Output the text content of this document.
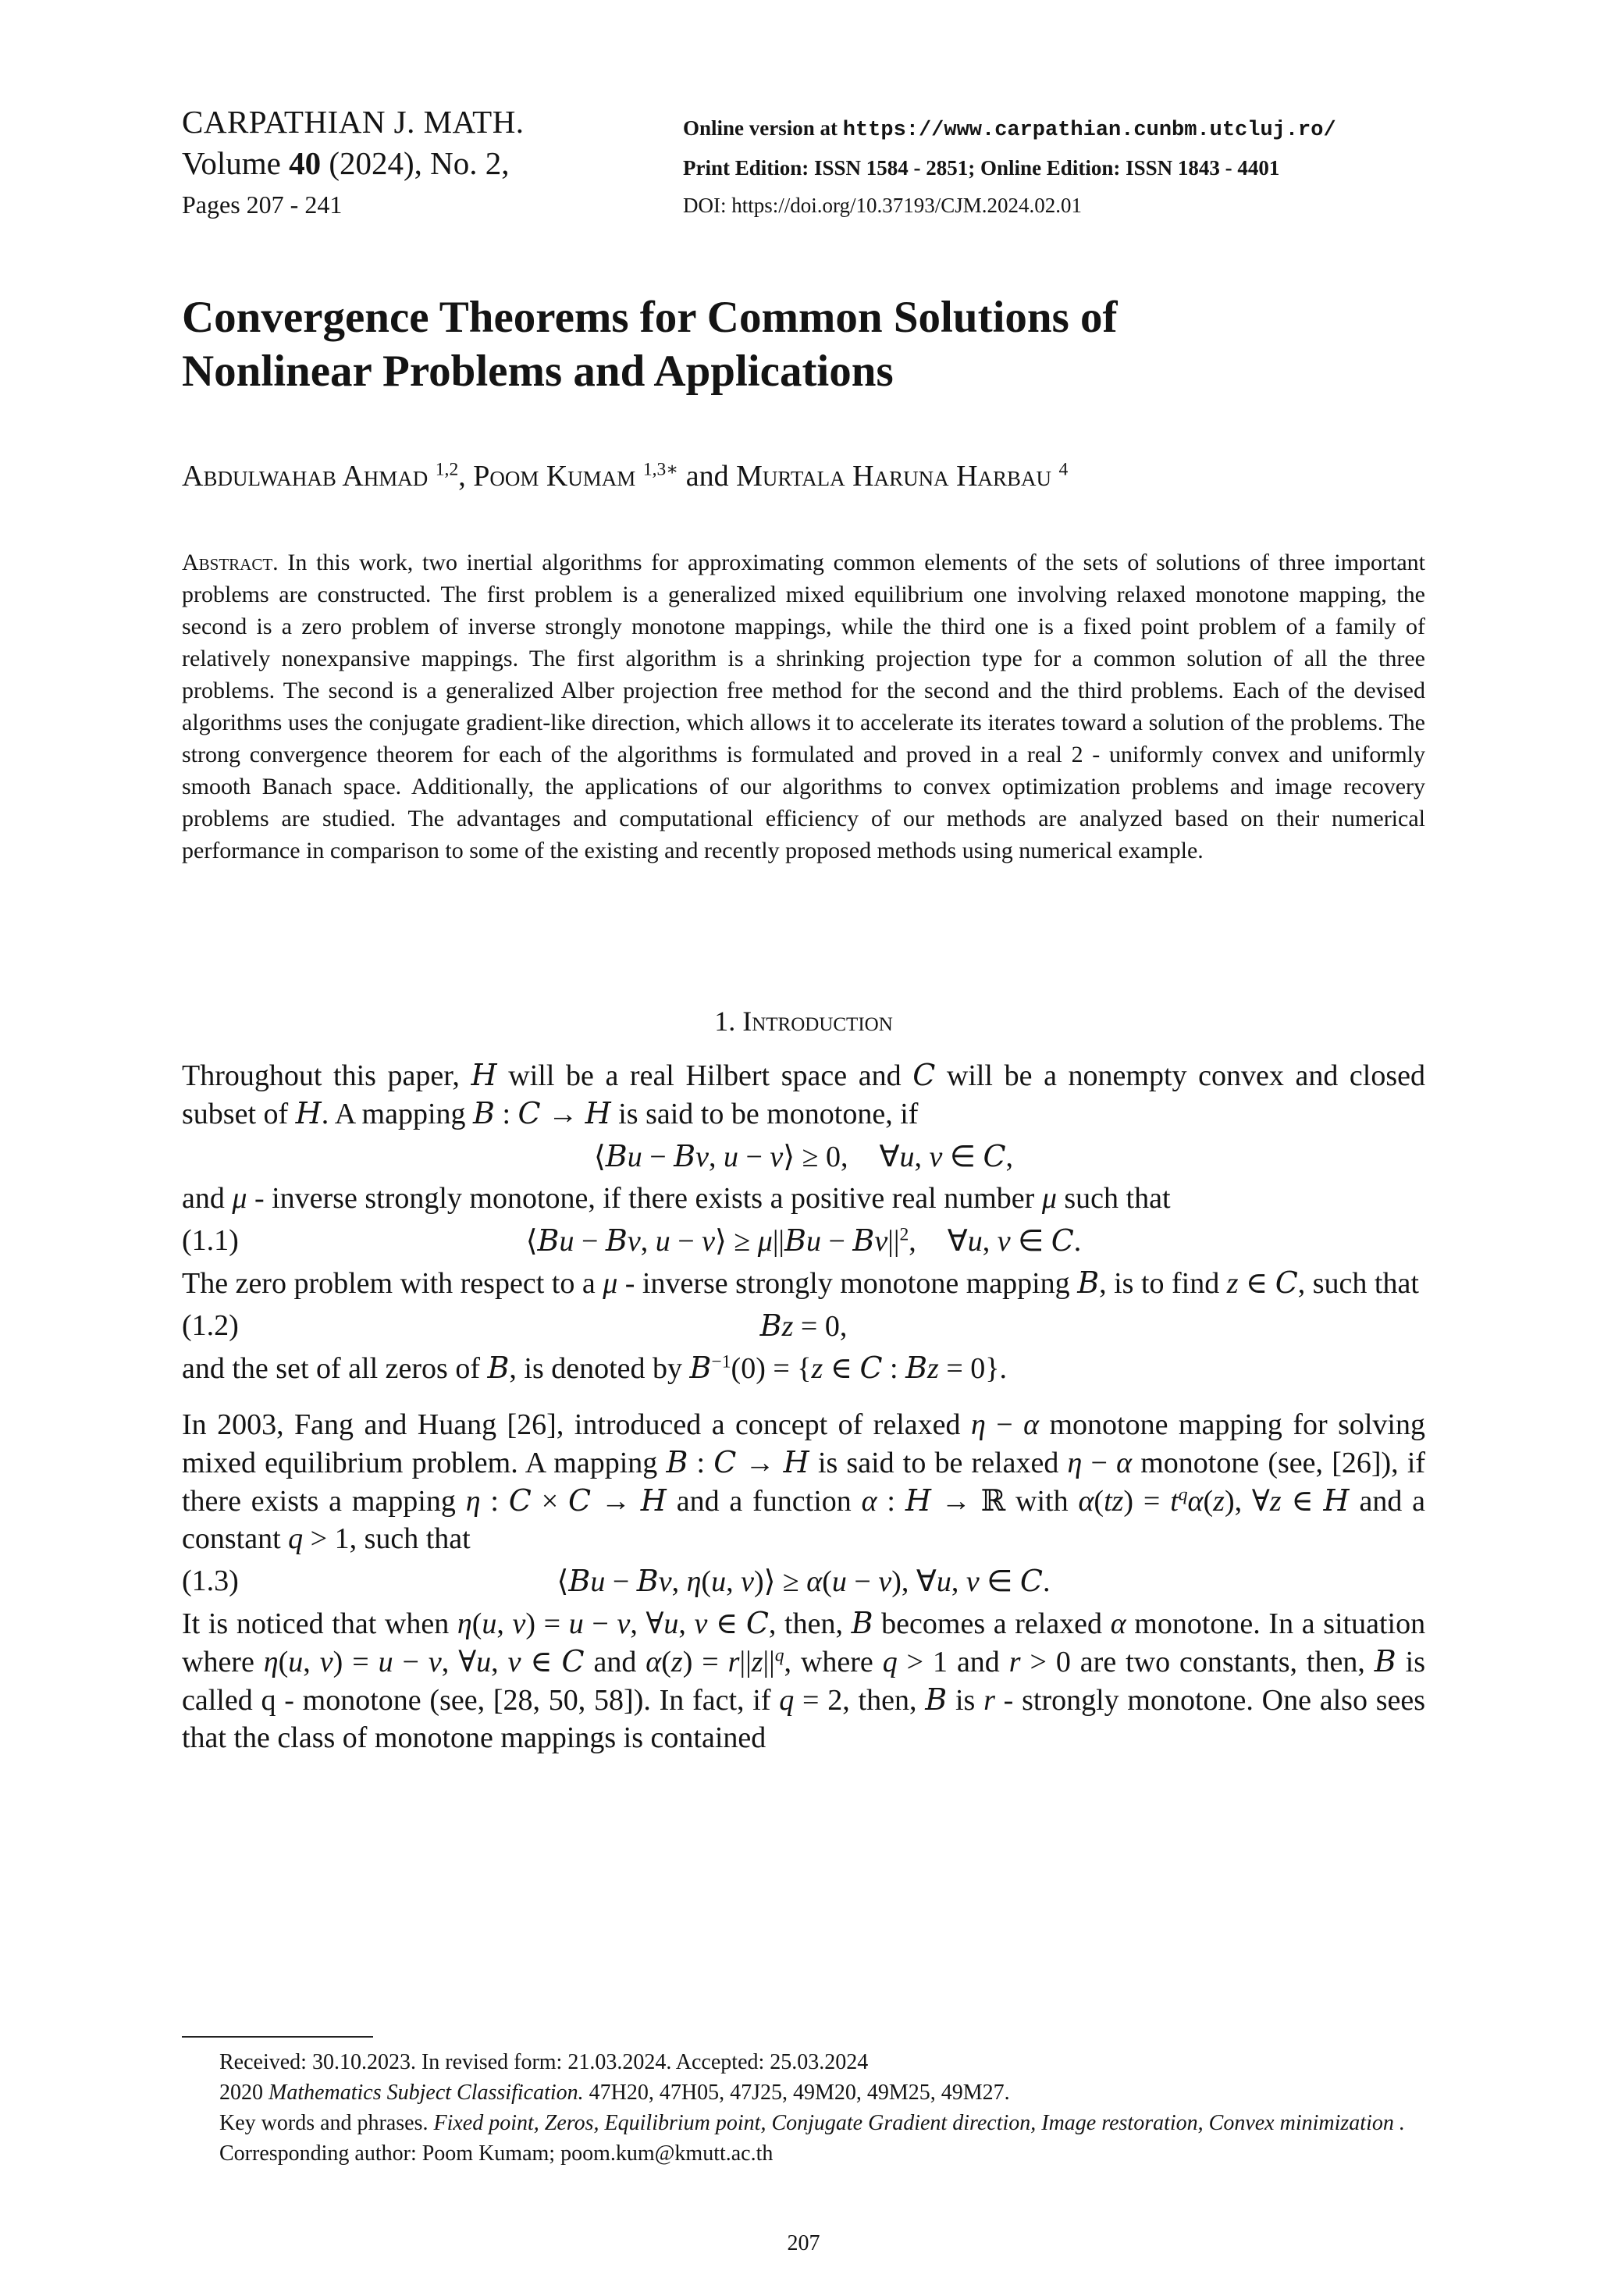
CARPATHIAN J. MATH.
Volume 40 (2024), No. 2,
Pages 207 - 241
Online version at https://www.carpathian.cunbm.utcluj.ro/
Print Edition: ISSN 1584 - 2851; Online Edition: ISSN 1843 - 4401
DOI: https://doi.org/10.37193/CJM.2024.02.01
Convergence Theorems for Common Solutions of
Nonlinear Problems and Applications
Abdulwahab Ahmad $^{1,2}$, Poom Kumam $^{1,3∗}$ and Murtala Haruna Harbau $^4$
Abstract. In this work, two inertial algorithms for approximating common elements of the sets of solutions of three important problems are constructed. The first problem is a generalized mixed equilibrium one involving relaxed monotone mapping, the second is a zero problem of inverse strongly monotone mappings, while the third one is a fixed point problem of a family of relatively nonexpansive mappings. The first algorithm is a shrinking projection type for a common solution of all the three problems. The second is a generalized Alber projection free method for the second and the third problems. Each of the devised algorithms uses the conjugate gradient-like direction, which allows it to accelerate its iterates toward a solution of the problems. The strong convergence theorem for each of the algorithms is formulated and proved in a real 2 - uniformly convex and uniformly smooth Banach space. Additionally, the applications of our algorithms to convex optimization problems and image recovery problems are studied. The advantages and computational efficiency of our methods are analyzed based on their numerical performance in comparison to some of the existing and recently proposed methods using numerical example.
1. Introduction

Throughout this paper, H will be a real Hilbert space and C will be a nonempty convex and closed subset of H. A mapping B : C → H is said to be monotone, if

⟨Bu − Bv, u − v⟩ ≥ 0, ∀u, v ∈ C,

and μ - inverse strongly monotone, if there exists a positive real number μ such that

(1.1)	⟨Bu − Bv, u − v⟩ ≥ $\mu||Bu - Bv||^2$, ∀u, v ∈ C.

The zero problem with respect to a μ - inverse strongly monotone mapping B, is to find z ∈ C, such that

(1.2)	Bz = 0,

and the set of all zeros of B, is denoted by $B^{-1}(0) = \{z$ ∈ C : Bz = 0}.

In 2003, Fang and Huang [26], introduced a concept of relaxed η − α monotone mapping for solving mixed equilibrium problem. A mapping B : C → H is said to be relaxed η − α monotone (see, [26]), if there exists a mapping η : C × C → H and a function α : H → ℝ with $\alpha(tz) = t^q\alpha(z)$, ∀z ∈ H and a constant q > 1, such that

(1.3)	⟨Bu − Bv, η(u, v)⟩ ≥ α(u − v), ∀u, v ∈ C.

It is noticed that when η(u, v) = u − v, ∀u, v ∈ C, then, B becomes a relaxed α monotone. In a situation where η(u, v) = u − v, ∀u, v ∈ C and $\alpha(z) = r||z||^q$, where q > 1 and r > 0 are two constants, then, B is called q - monotone (see, [28, 50, 58]). In fact, if q = 2, then, B is r - strongly monotone. One also sees that the class of monotone mappings is contained

Received: 30.10.2023. In revised form: 21.03.2024. Accepted: 25.03.2024
2020 Mathematics Subject Classification. 47H20, 47H05, 47J25, 49M20, 49M25, 49M27.
Key words and phrases. Fixed point, Zeros, Equilibrium point, Conjugate Gradient direction, Image restoration, Convex minimization .
Corresponding author: Poom Kumam; poom.kum@kmutt.ac.th
207
